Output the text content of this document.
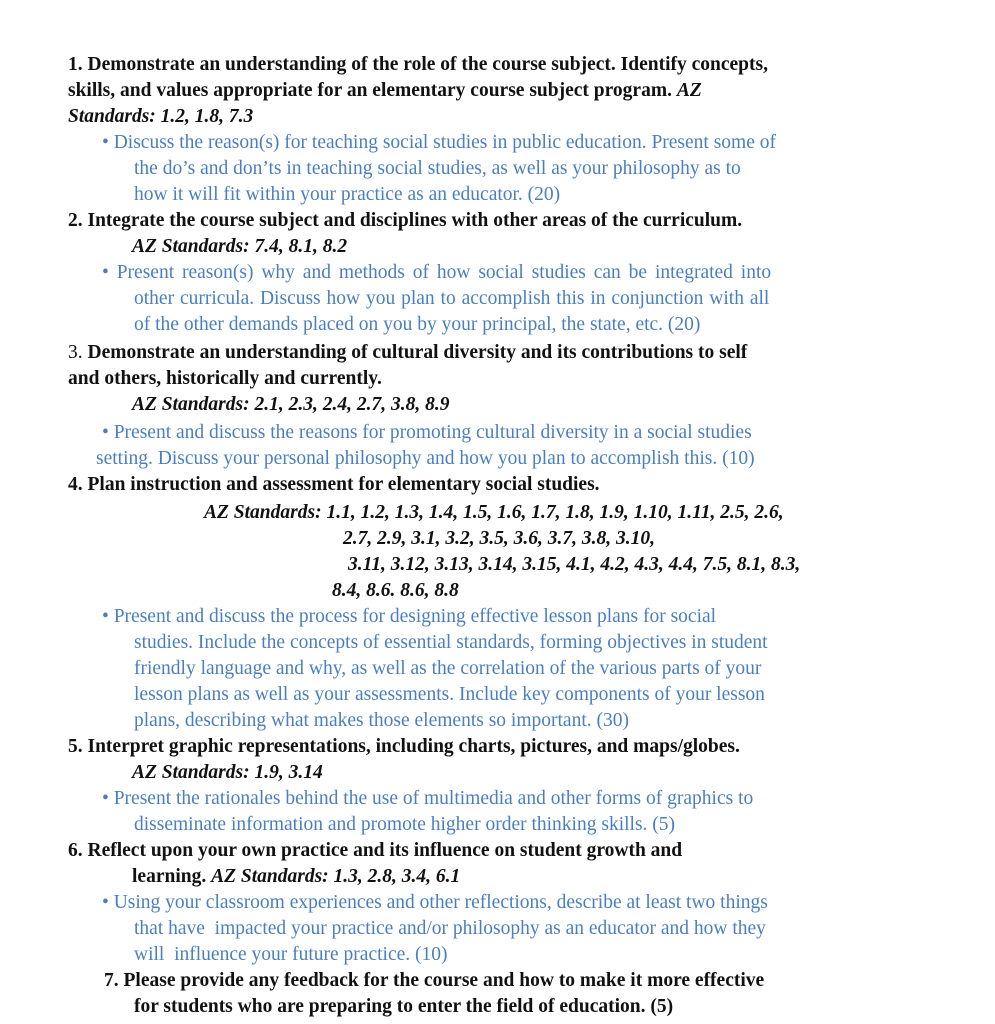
1. Demonstrate an understanding of the role of the course subject. Identify concepts,
skills, and values appropriate for an elementary course subject program. AZ
Standards: 1.2, 1.8, 7.3
• Discuss the reason(s) for teaching social studies in public education. Present some of
the do’s and don’ts in teaching social studies, as well as your philosophy as to
how it will fit within your practice as an educator. (20)
2. Integrate the course subject and disciplines with other areas of the curriculum.
AZ Standards: 7.4, 8.1, 8.2
• Present reason(s) why and methods of how social studies can be integrated into
other curricula. Discuss how you plan to accomplish this in conjunction with all
of the other demands placed on you by your principal, the state, etc. (20)
3. Demonstrate an understanding of cultural diversity and its contributions to self
and others, historically and currently.
AZ Standards: 2.1, 2.3, 2.4, 2.7, 3.8, 8.9
• Present and discuss the reasons for promoting cultural diversity in a social studies
setting. Discuss your personal philosophy and how you plan to accomplish this. (10)
4. Plan instruction and assessment for elementary social studies.
AZ Standards: 1.1, 1.2, 1.3, 1.4, 1.5, 1.6, 1.7, 1.8, 1.9, 1.10, 1.11, 2.5, 2.6,
2.7, 2.9, 3.1, 3.2, 3.5, 3.6, 3.7, 3.8, 3.10,
3.11, 3.12, 3.13, 3.14, 3.15, 4.1, 4.2, 4.3, 4.4, 7.5, 8.1, 8.3,
8.4, 8.6. 8.6, 8.8
• Present and discuss the process for designing effective lesson plans for social
studies. Include the concepts of essential standards, forming objectives in student
friendly language and why, as well as the correlation of the various parts of your
lesson plans as well as your assessments. Include key components of your lesson
plans, describing what makes those elements so important. (30)
5. Interpret graphic representations, including charts, pictures, and maps/globes.
AZ Standards: 1.9, 3.14
• Present the rationales behind the use of multimedia and other forms of graphics to
disseminate information and promote higher order thinking skills. (5)
6. Reflect upon your own practice and its influence on student growth and
learning. AZ Standards: 1.3, 2.8, 3.4, 6.1
• Using your classroom experiences and other reflections, describe at least two things
that have  impacted your practice and/or philosophy as an educator and how they
will  influence your future practice. (10)
7. Please provide any feedback for the course and how to make it more effective
for students who are preparing to enter the field of education. (5)
